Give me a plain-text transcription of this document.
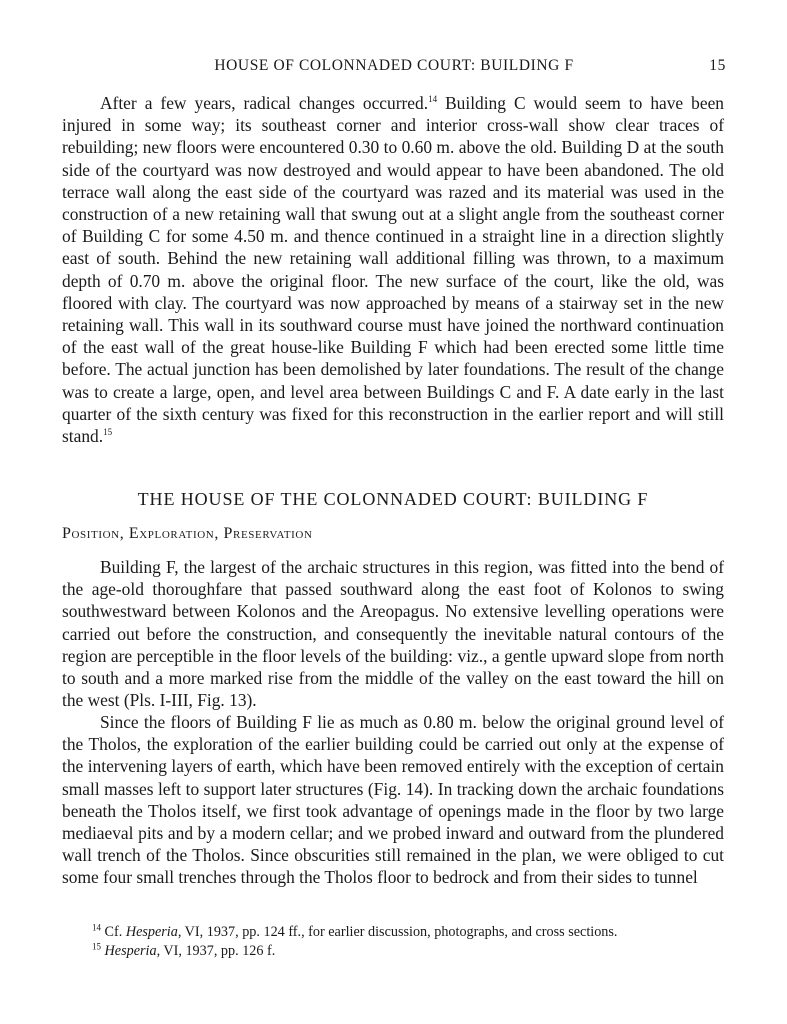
HOUSE OF COLONNADED COURT: BUILDING F	15

After a few years, radical changes occurred.$^{14}$ Building C would seem to have been injured in some way; its southeast corner and interior cross-wall show clear traces of rebuilding; new floors were encountered 0.30 to 0.60 m. above the old. Building D at the south side of the courtyard was now destroyed and would appear to have been abandoned. The old terrace wall along the east side of the courtyard was razed and its material was used in the construction of a new retaining wall that swung out at a slight angle from the southeast corner of Building C for some 4.50 m. and thence continued in a straight line in a direction slightly east of south. Behind the new retaining wall additional filling was thrown, to a maximum depth of 0.70 m. above the original floor. The new surface of the court, like the old, was floored with clay. The courtyard was now approached by means of a stairway set in the new retaining wall. This wall in its southward course must have joined the northward continuation of the east wall of the great house-like Building F which had been erected some little time before. The actual junction has been demolished by later foundations. The result of the change was to create a large, open, and level area between Buildings C and F. A date early in the last quarter of the sixth century was fixed for this reconstruction in the earlier report and will still stand.$^{15}$

THE HOUSE OF THE COLONNADED COURT: BUILDING F
Position, Exploration, Preservation

Building F, the largest of the archaic structures in this region, was fitted into the bend of the age-old thoroughfare that passed southward along the east foot of Kolonos to swing southwestward between Kolonos and the Areopagus. No extensive levelling operations were carried out before the construction, and consequently the inevitable natural contours of the region are perceptible in the floor levels of the building: viz., a gentle upward slope from north to south and a more marked rise from the middle of the valley on the east toward the hill on the west (Pls. I-III, Fig. 13).

Since the floors of Building F lie as much as 0.80 m. below the original ground level of the Tholos, the exploration of the earlier building could be carried out only at the expense of the intervening layers of earth, which have been removed entirely with the exception of certain small masses left to support later structures (Fig. 14). In tracking down the archaic foundations beneath the Tholos itself, we first took advantage of openings made in the floor by two large mediaeval pits and by a modern cellar; and we probed inward and outward from the plundered wall trench of the Tholos. Since obscurities still remained in the plan, we were obliged to cut some four small trenches through the Tholos floor to bedrock and from their sides to tunnel

$^{14}$ Cf. Hesperia, VI, 1937, pp. 124 ff., for earlier discussion, photographs, and cross sections.
$^{15}$ Hesperia, VI, 1937, pp. 126 f.
